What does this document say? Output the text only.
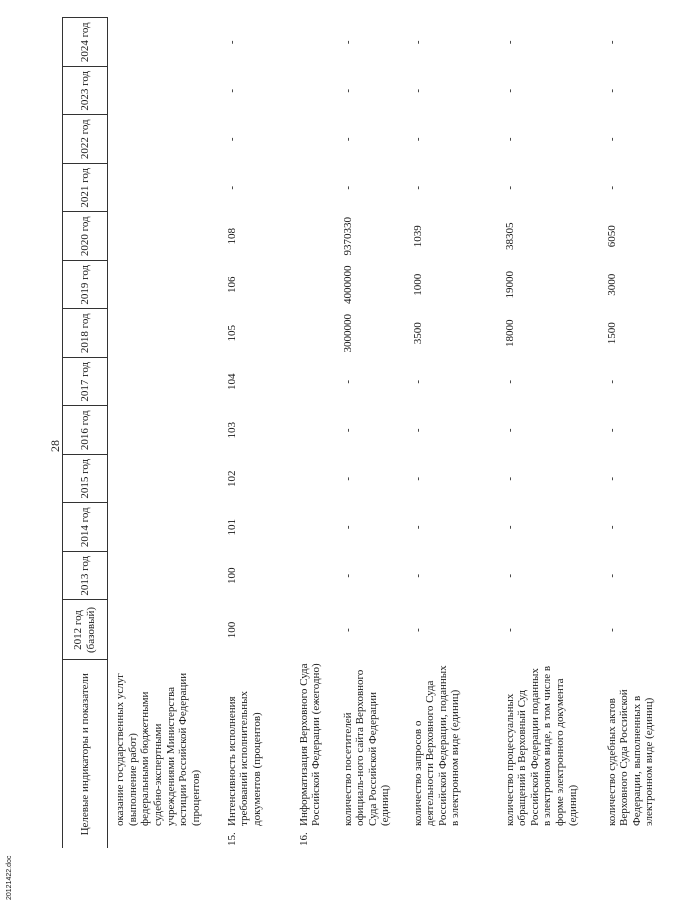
28
Целевые индикаторы и показатели		2012 год (базовый)	2013 год	2014 год	2015 год	2016 год	2017 год	2018 год	2019 год	2020 год	2021 год	2022 год	2023 год	2024 год
	оказание государственных услуг (выполнение работ) федеральными бюджетными судебно-экспертными учреждениями Министерства юстиции Российской Федерации (процентов)													
15.	Интенсивность исполнения требований исполнительных документов (процентов)	100	100	101	102	103	104	105	106	108	-	-	-	-
16.	Информатизация Верховного Суда Российской Федерации (ежегодно)													
	количество посетителей официаль-ного сайта Верховного Суда Российской Федерации (единиц)	-	-	-	-	-	-	3000000	4000000	9370330	-	-	-	-
	количество запросов о деятельности Верховного Суда Российской Федерации, поданных в электронном виде (единиц)	-	-	-	-	-	-	3500	1000	1039	-	-	-	-
	количество процессуальных обращений в Верховный Суд Российской Федерации поданных в электронном виде, в том числе в форме электронного документа (единиц)	-	-	-	-	-	-	18000	19000	38305	-	-	-	-
	количество судебных актов Верховного Суда Российской Федерации, выполненных в электронном виде (единиц)	-	-	-	-	-	-	1500	3000	6050	-	-	-	-
20121422.doc
